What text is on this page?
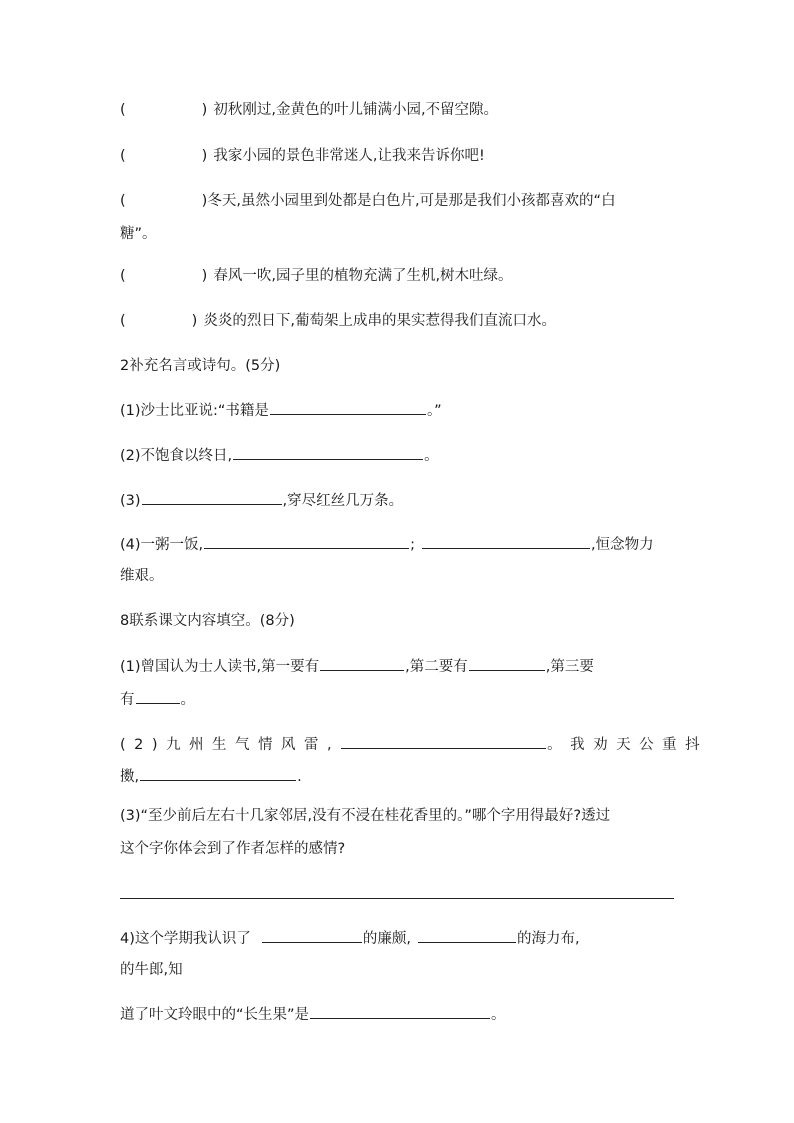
(	) 初秋刚过,金黄色的叶儿铺满小园,不留空隙。
(	) 我家小园的景色非常迷人,让我来告诉你吧!
(	)冬天,虽然小园里到处都是白色片,可是那是我们小孩都喜欢的“白
糖”。
(	) 春风一吹,园子里的植物充满了生机,树木吐绿。
(	) 炎炎的烈日下,葡萄架上成串的果实惹得我们直流口水。
2补充名言或诗句。(5分)
(1)沙士比亚说:“书籍是	。”
(2)不饱食以终日,	。
(3)	,穿尽红丝几万条。
(4)一粥一饭,	;	,恒念物力
维艰。
8联系课文内容填空。(8分)
(1)曾国认为士人读书,第一要有	,第二要有	,第三要
有	。
(2)九州生气情风雷,	。我劝天公重抖
擞,	.
(3)“至少前后左右十几家邻居,没有不浸在桂花香里的。”哪个字用得最好?透过
这个字你体会到了作者怎样的感情?
4)这个学期我认识了	的廉颇,	的海力布,
的牛郎,知
道了叶文玲眼中的“长生果”是	。
